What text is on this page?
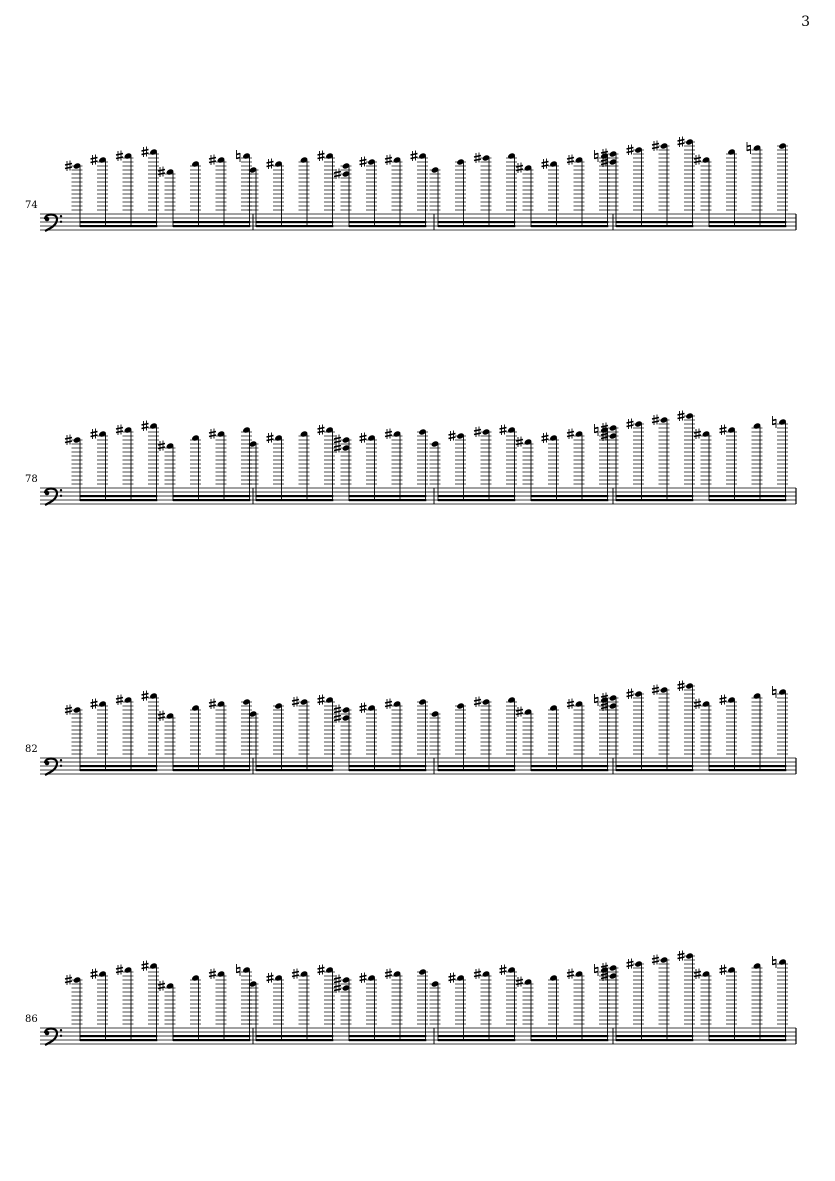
3
74
78
82
86
